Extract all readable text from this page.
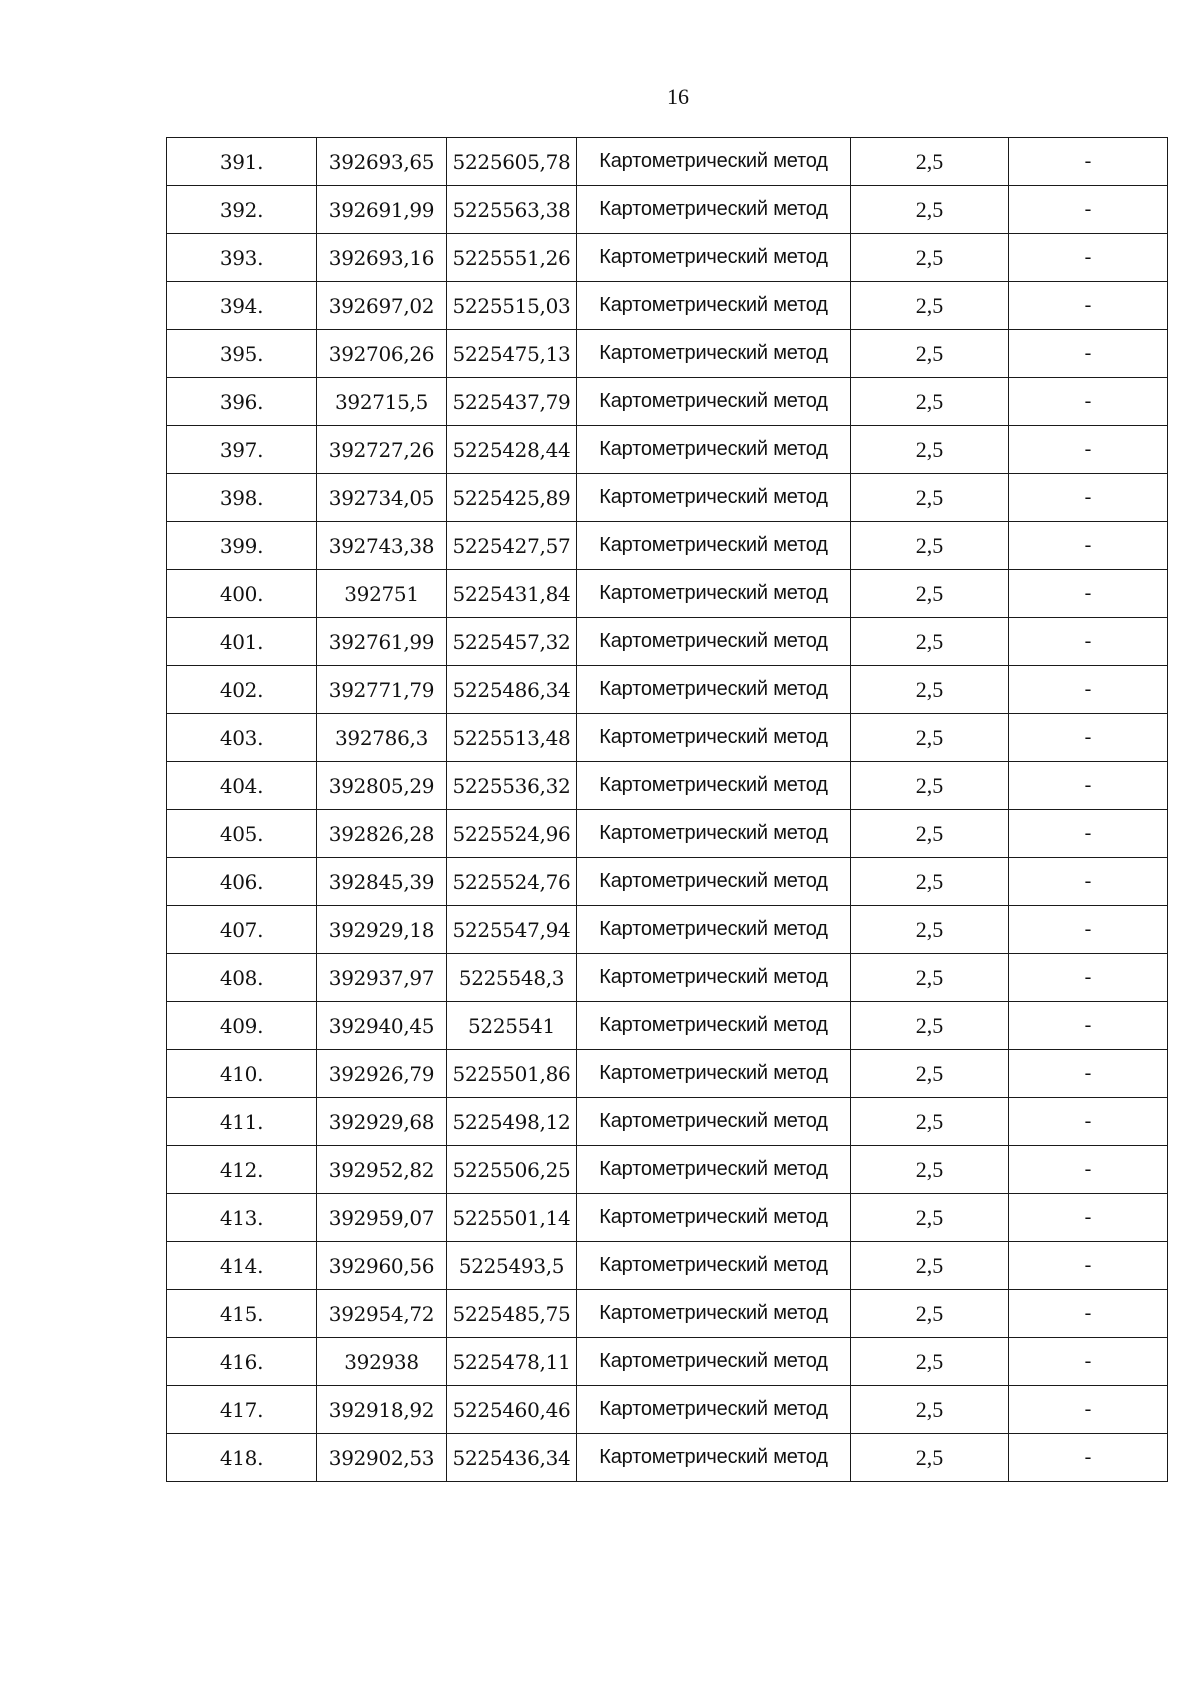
16
391.	392693,65	5225605,78	Картометрический метод	2,5	-
392.	392691,99	5225563,38	Картометрический метод	2,5	-
393.	392693,16	5225551,26	Картометрический метод	2,5	-
394.	392697,02	5225515,03	Картометрический метод	2,5	-
395.	392706,26	5225475,13	Картометрический метод	2,5	-
396.	392715,5	5225437,79	Картометрический метод	2,5	-
397.	392727,26	5225428,44	Картометрический метод	2,5	-
398.	392734,05	5225425,89	Картометрический метод	2,5	-
399.	392743,38	5225427,57	Картометрический метод	2,5	-
400.	392751	5225431,84	Картометрический метод	2,5	-
401.	392761,99	5225457,32	Картометрический метод	2,5	-
402.	392771,79	5225486,34	Картометрический метод	2,5	-
403.	392786,3	5225513,48	Картометрический метод	2,5	-
404.	392805,29	5225536,32	Картометрический метод	2,5	-
405.	392826,28	5225524,96	Картометрический метод	2,5	-
406.	392845,39	5225524,76	Картометрический метод	2,5	-
407.	392929,18	5225547,94	Картометрический метод	2,5	-
408.	392937,97	5225548,3	Картометрический метод	2,5	-
409.	392940,45	5225541	Картометрический метод	2,5	-
410.	392926,79	5225501,86	Картометрический метод	2,5	-
411.	392929,68	5225498,12	Картометрический метод	2,5	-
412.	392952,82	5225506,25	Картометрический метод	2,5	-
413.	392959,07	5225501,14	Картометрический метод	2,5	-
414.	392960,56	5225493,5	Картометрический метод	2,5	-
415.	392954,72	5225485,75	Картометрический метод	2,5	-
416.	392938	5225478,11	Картометрический метод	2,5	-
417.	392918,92	5225460,46	Картометрический метод	2,5	-
418.	392902,53	5225436,34	Картометрический метод	2,5	-
